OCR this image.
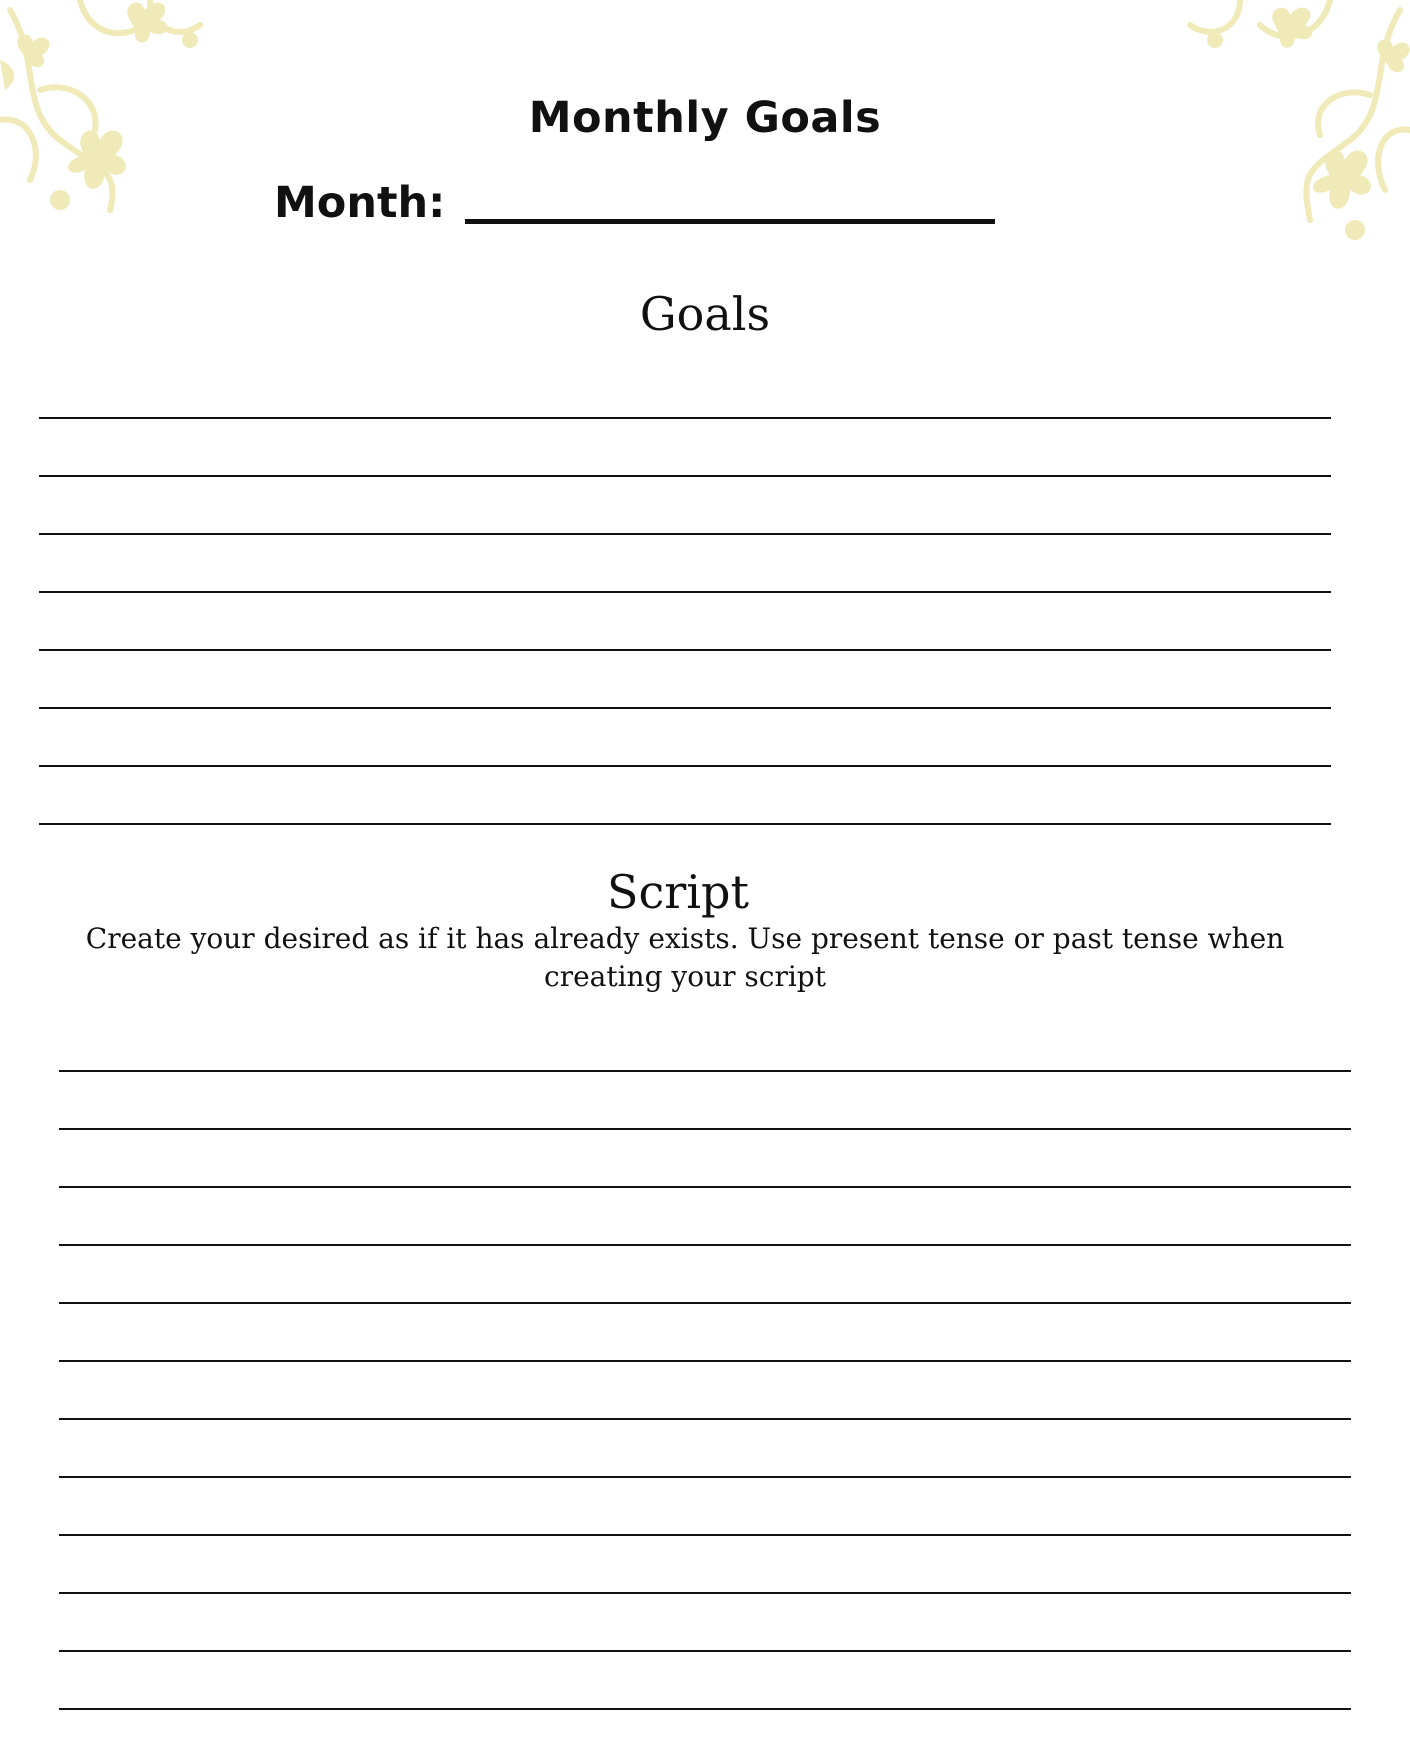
Monthly Goals
Month:
Goals
Script
Create your desired as if it has already exists. Use present tense or past tense when creating your script
